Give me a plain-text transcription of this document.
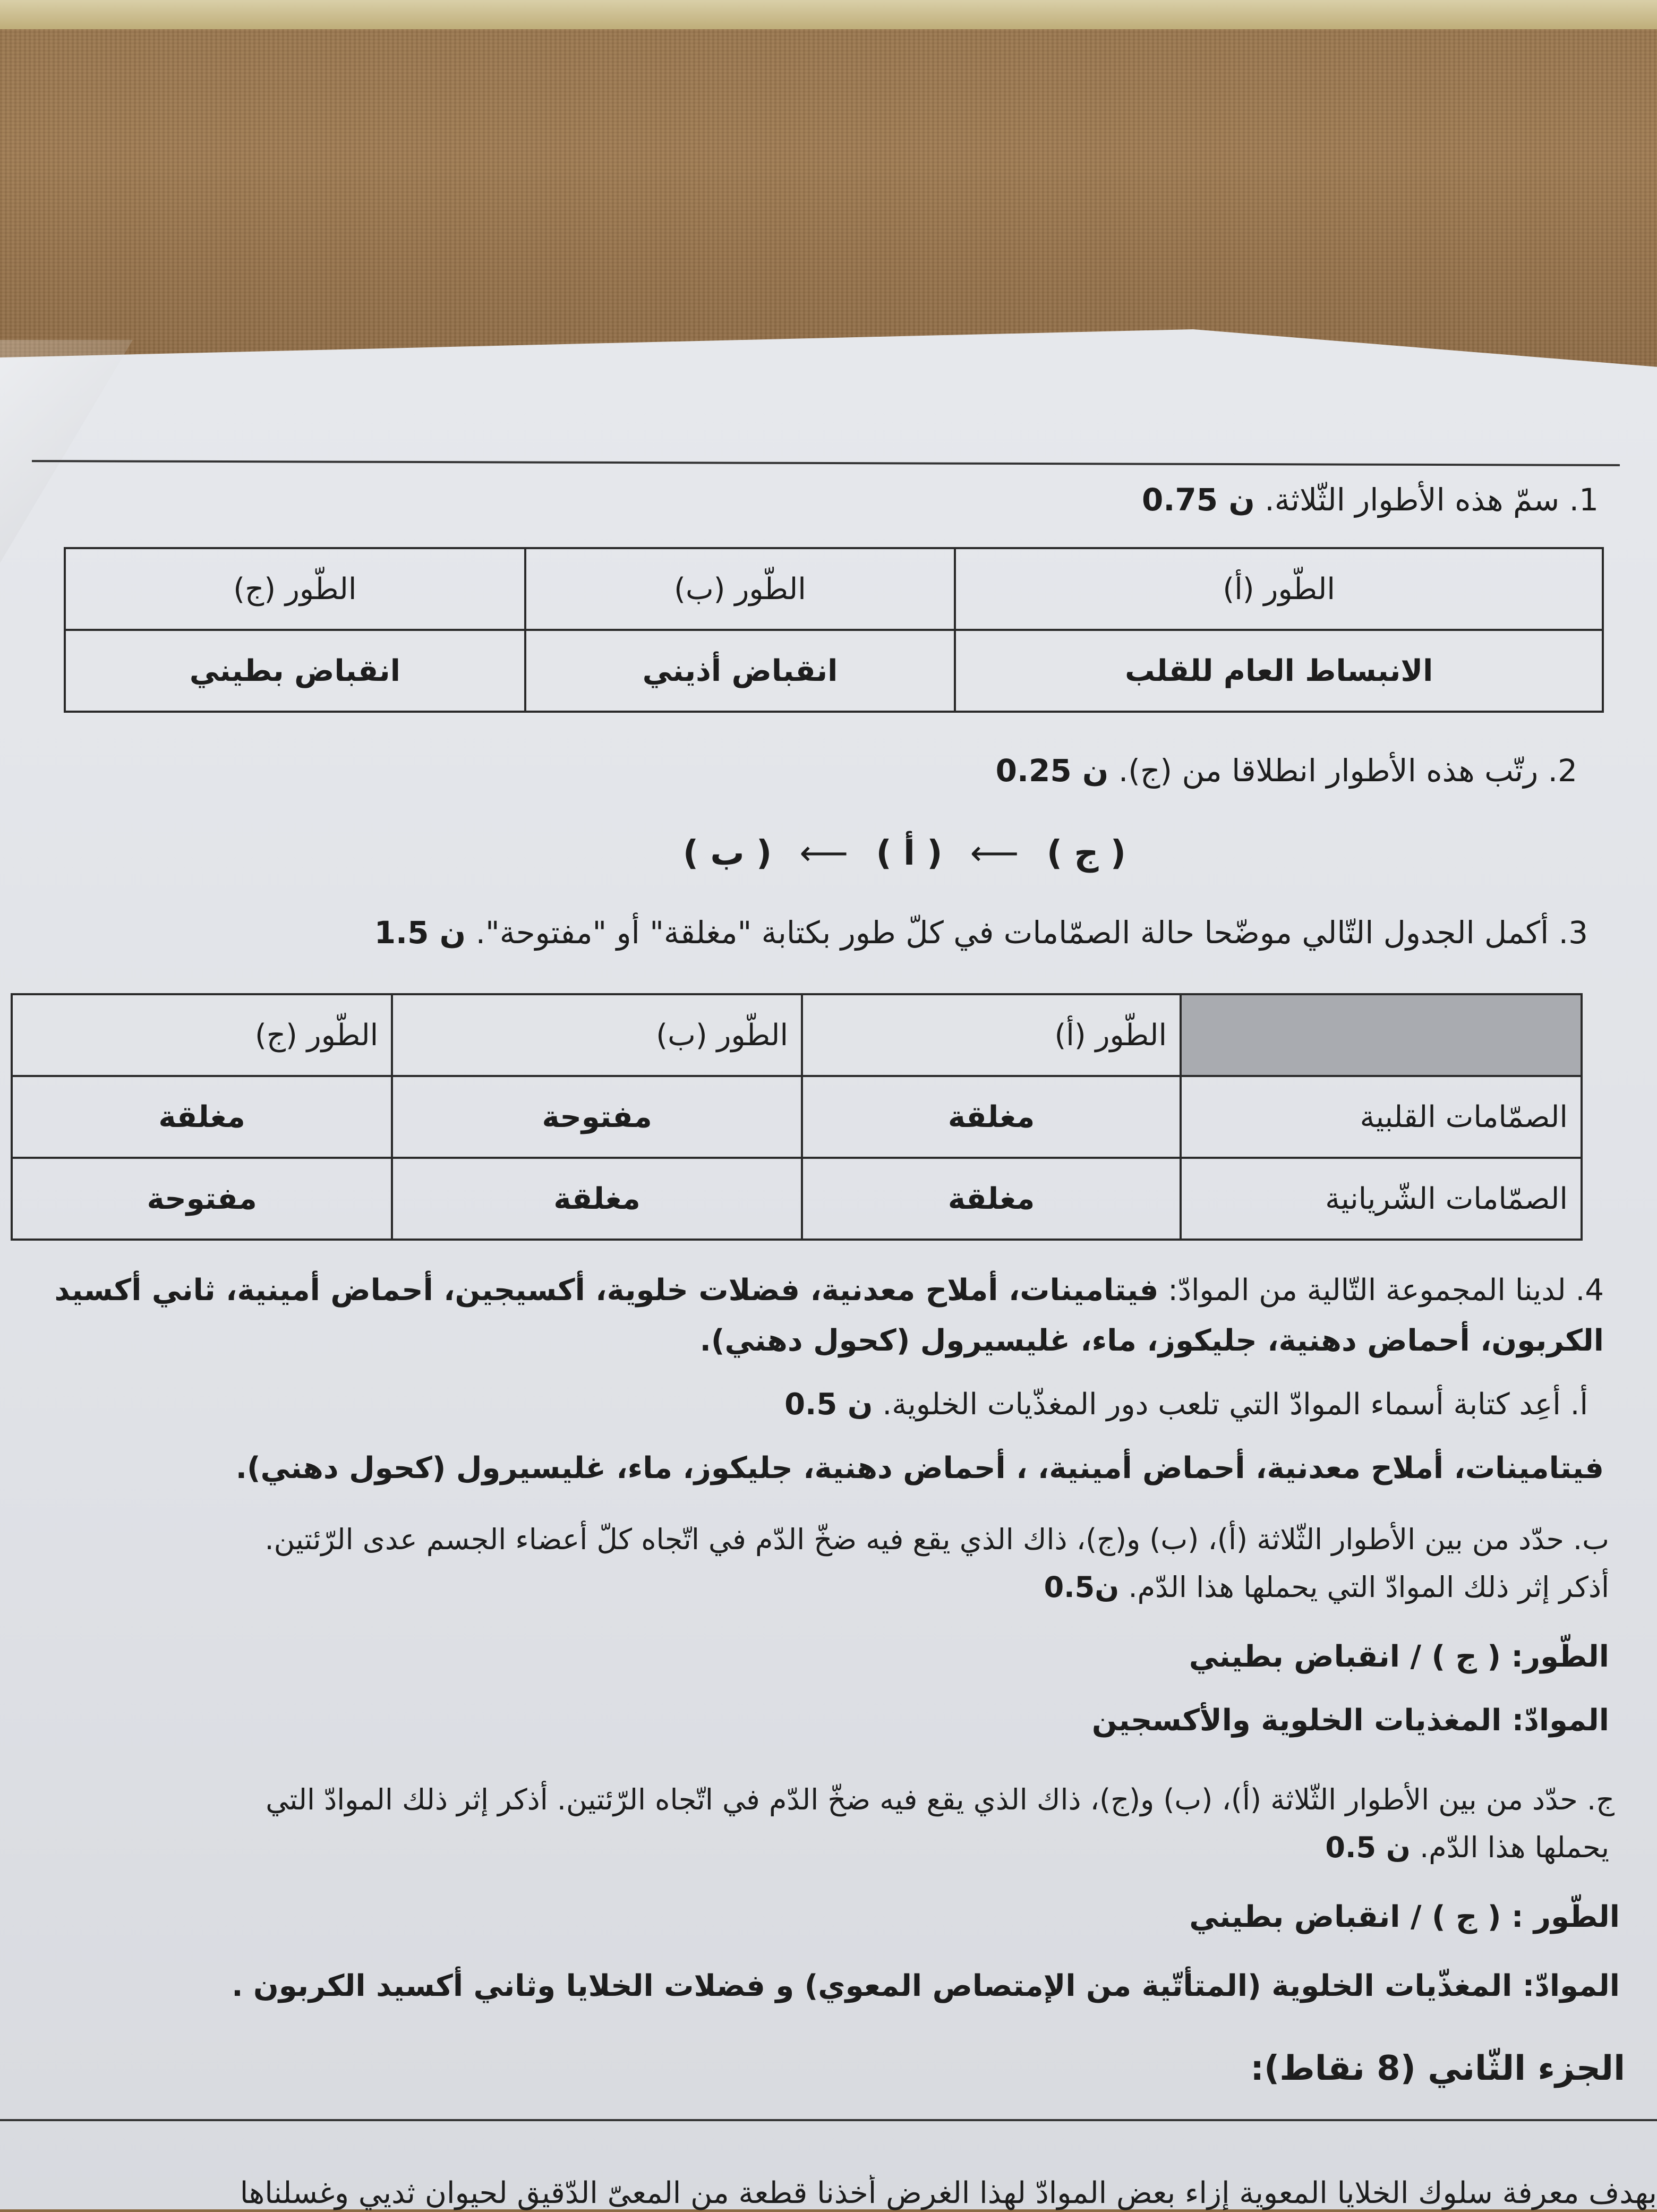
1. سمّ هذه الأطوار الثّلاثة. 0.75 ن
الطّور (أ)	الطّور (ب)	الطّور (ج)
الانبساط العام للقلب	انقباض أذيني	انقباض بطيني
2. رتّب هذه الأطوار انطلاقا من (ج). 0.25 ن
( ج ) ⟵ ( أ ) ⟵ ( ب )
3. أكمل الجدول التّالي موضّحا حالة الصمّامات في كلّ طور بكتابة "مغلقة" أو "مفتوحة". 1.5 ن
	الطّور (أ)	الطّور (ب)	الطّور (ج)
الصمّامات القلبية	مغلقة	مفتوحة	مغلقة
الصمّامات الشّريانية	مغلقة	مغلقة	مفتوحة
4. لدينا المجموعة التّالية من الموادّ: فيتامينات، أملاح معدنية، فضلات خلوية، أكسيجين، أحماض أمينية، ثاني أكسيد
الكربون، أحماض دهنية، جليكوز، ماء، غليسيرول (كحول دهني).
أ. أعِد كتابة أسماء الموادّ التي تلعب دور المغذّيات الخلوية. 0.5 ن
فيتامينات، أملاح معدنية، أحماض أمينية، ، أحماض دهنية، جليكوز، ماء، غليسيرول (كحول دهني).
ب. حدّد من بين الأطوار الثّلاثة (أ)، (ب) و(ج)، ذاك الذي يقع فيه ضخّ الدّم في اتّجاه كلّ أعضاء الجسم عدى الرّئتين.
أذكر إثر ذلك الموادّ التي يحملها هذا الدّم. 0.5ن
الطّور: ( ج ) / انقباض بطيني
الموادّ: المغذيات الخلوية والأكسجين
ج. حدّد من بين الأطوار الثّلاثة (أ)، (ب) و(ج)، ذاك الذي يقع فيه ضخّ الدّم في اتّجاه الرّئتين. أذكر إثر ذلك الموادّ التي
يحملها هذا الدّم. 0.5 ن
الطّور : ( ج ) / انقباض بطيني
الموادّ: المغذّيات الخلوية (المتأتّية من الإمتصاص المعوي) و فضلات الخلايا وثاني أكسيد الكربون .
الجزء الثّاني (8 نقاط):
بهدف معرفة سلوك الخلايا المعوية إزاء بعض الموادّ لهذا الغرض أخذنا قطعة من المعىّ الدّقيق لحيوان ثديي وغسلناها
